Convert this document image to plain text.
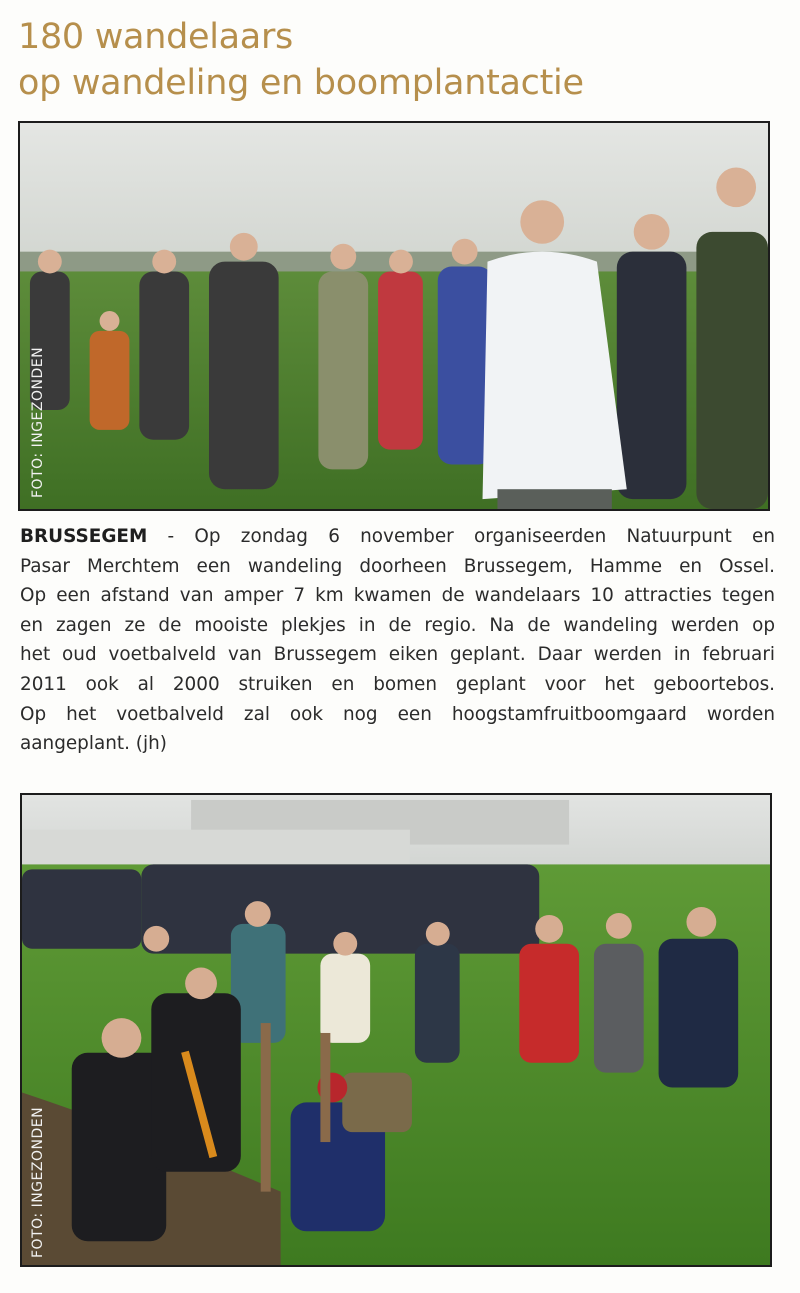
180 wandelaars
op wandeling en boomplantactie
FOTO: INGEZONDEN
BRUSSEGEM - Op zondag 6 november organiseerden Natuurpunt en
Pasar Merchtem een wandeling doorheen Brussegem, Hamme en Ossel.
Op een afstand van amper 7 km kwamen de wandelaars 10 attracties tegen
en zagen ze de mooiste plekjes in de regio. Na de wandeling werden op
het oud voetbalveld van Brussegem eiken geplant. Daar werden in februari
2011 ook al 2000 struiken en bomen geplant voor het geboortebos.
Op het voetbalveld zal ook nog een hoogstamfruitboomgaard worden
aangeplant. (jh)
FOTO: INGEZONDEN
